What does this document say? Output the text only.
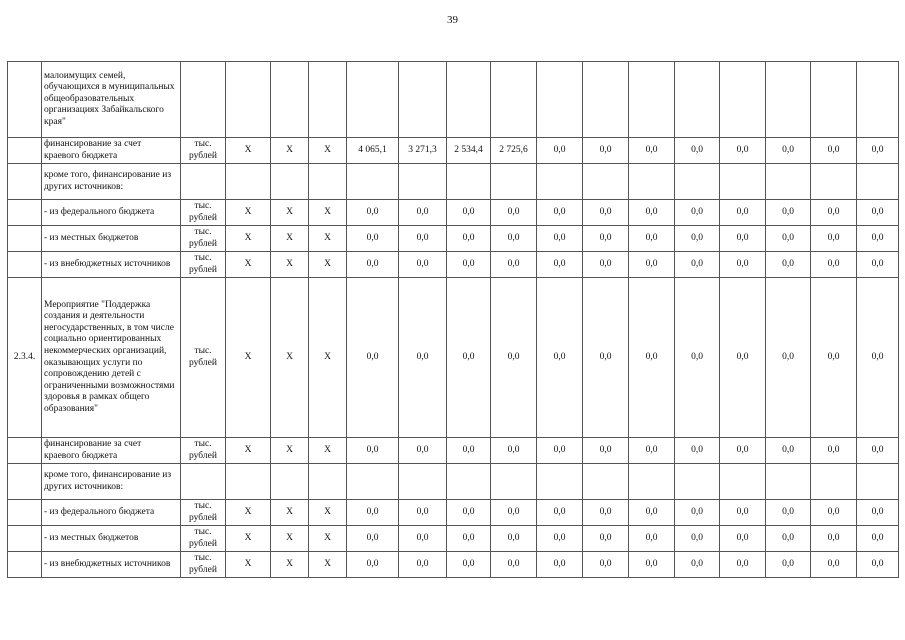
39
	малоимущих семей, обучающихся в муниципальных общеобразовательных организациях Забайкальского края"																		
	финансирование за счет краевого бюджета	тыс. рублей	X	X	X	4 065,1	3 271,3	2 534,4	2 725,6	0,0	0,0	0,0	0,0	0,0	0,0	0,0	0,0		
	кроме того, финансирование из других источников:																		
	- из федерального бюджета	тыс. рублей	X	X	X	0,0	0,0	0,0	0,0	0,0	0,0	0,0	0,0	0,0	0,0	0,0	0,0		
	- из местных бюджетов	тыс. рублей	X	X	X	0,0	0,0	0,0	0,0	0,0	0,0	0,0	0,0	0,0	0,0	0,0	0,0		
	- из внебюджетных источников	тыс. рублей	X	X	X	0,0	0,0	0,0	0,0	0,0	0,0	0,0	0,0	0,0	0,0	0,0	0,0		
2.3.4.	Мероприятие "Поддержка создания и деятельности негосударственных, в том числе социально ориентированных некоммерческих организаций, оказывающих услуги по сопровождению детей с ограниченными возможностями здоровья в рамках общего образования"	тыс. рублей	X	X	X	0,0	0,0	0,0	0,0	0,0	0,0	0,0	0,0	0,0	0,0	0,0	0,0		
	финансирование за счет краевого бюджета	тыс. рублей	X	X	X	0,0	0,0	0,0	0,0	0,0	0,0	0,0	0,0	0,0	0,0	0,0	0,0		
	кроме того, финансирование из других источников:																		
	- из федерального бюджета	тыс. рублей	X	X	X	0,0	0,0	0,0	0,0	0,0	0,0	0,0	0,0	0,0	0,0	0,0	0,0		
	- из местных бюджетов	тыс. рублей	X	X	X	0,0	0,0	0,0	0,0	0,0	0,0	0,0	0,0	0,0	0,0	0,0	0,0		
	- из внебюджетных источников	тыс. рублей	X	X	X	0,0	0,0	0,0	0,0	0,0	0,0	0,0	0,0	0,0	0,0	0,0	0,0		
